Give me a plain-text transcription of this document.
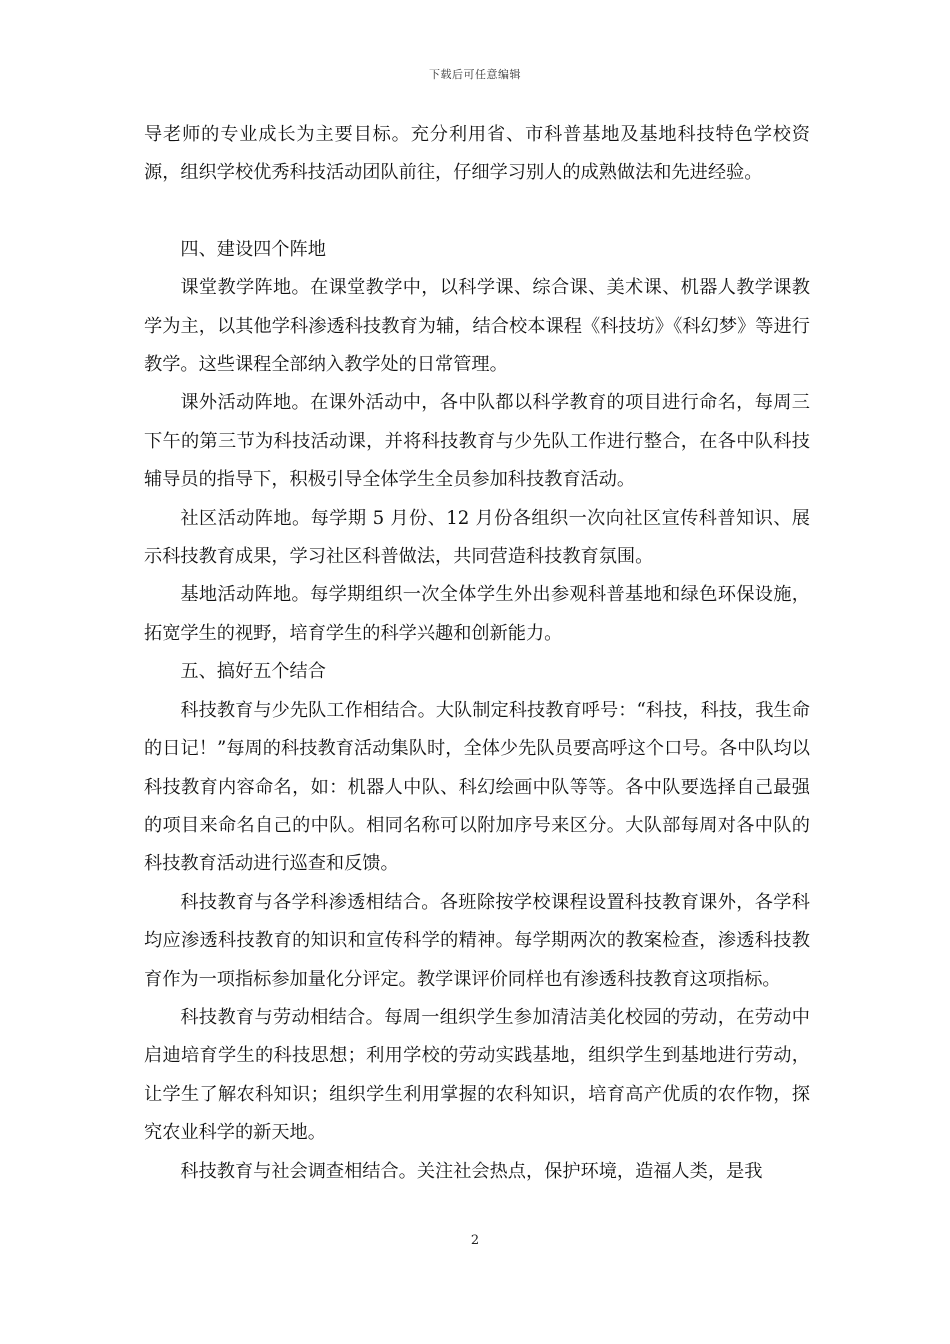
下载后可任意编辑

导老师的专业成长为主要目标。充分利用省、市科普基地及基地科技特色学校资源，组织学校优秀科技活动团队前往，仔细学习别人的成熟做法和先进经验。

四、建设四个阵地

课堂教学阵地。在课堂教学中，以科学课、综合课、美术课、机器人教学课教学为主，以其他学科渗透科技教育为辅，结合校本课程《科技坊》《科幻梦》等进行教学。这些课程全部纳入教学处的日常管理。

课外活动阵地。在课外活动中，各中队都以科学教育的项目进行命名，每周三下午的第三节为科技活动课，并将科技教育与少先队工作进行整合，在各中队科技辅导员的指导下，积极引导全体学生全员参加科技教育活动。

社区活动阵地。每学期 5 月份、12 月份各组织一次向社区宣传科普知识、展示科技教育成果，学习社区科普做法，共同营造科技教育氛围。

基地活动阵地。每学期组织一次全体学生外出参观科普基地和绿色环保设施，拓宽学生的视野，培育学生的科学兴趣和创新能力。

五、搞好五个结合

科技教育与少先队工作相结合。大队制定科技教育呼号：“科技，科技，我生命的日记！”每周的科技教育活动集队时，全体少先队员要高呼这个口号。各中队均以科技教育内容命名，如：机器人中队、科幻绘画中队等等。各中队要选择自己最强的项目来命名自己的中队。相同名称可以附加序号来区分。大队部每周对各中队的科技教育活动进行巡查和反馈。

科技教育与各学科渗透相结合。各班除按学校课程设置科技教育课外，各学科均应渗透科技教育的知识和宣传科学的精神。每学期两次的教案检查，渗透科技教育作为一项指标参加量化分评定。教学课评价同样也有渗透科技教育这项指标。

科技教育与劳动相结合。每周一组织学生参加清洁美化校园的劳动，在劳动中启迪培育学生的科技思想；利用学校的劳动实践基地，组织学生到基地进行劳动，让学生了解农科知识；组织学生利用掌握的农科知识，培育高产优质的农作物，探究农业科学的新天地。

科技教育与社会调查相结合。关注社会热点，保护环境，造福人类，是我

2
